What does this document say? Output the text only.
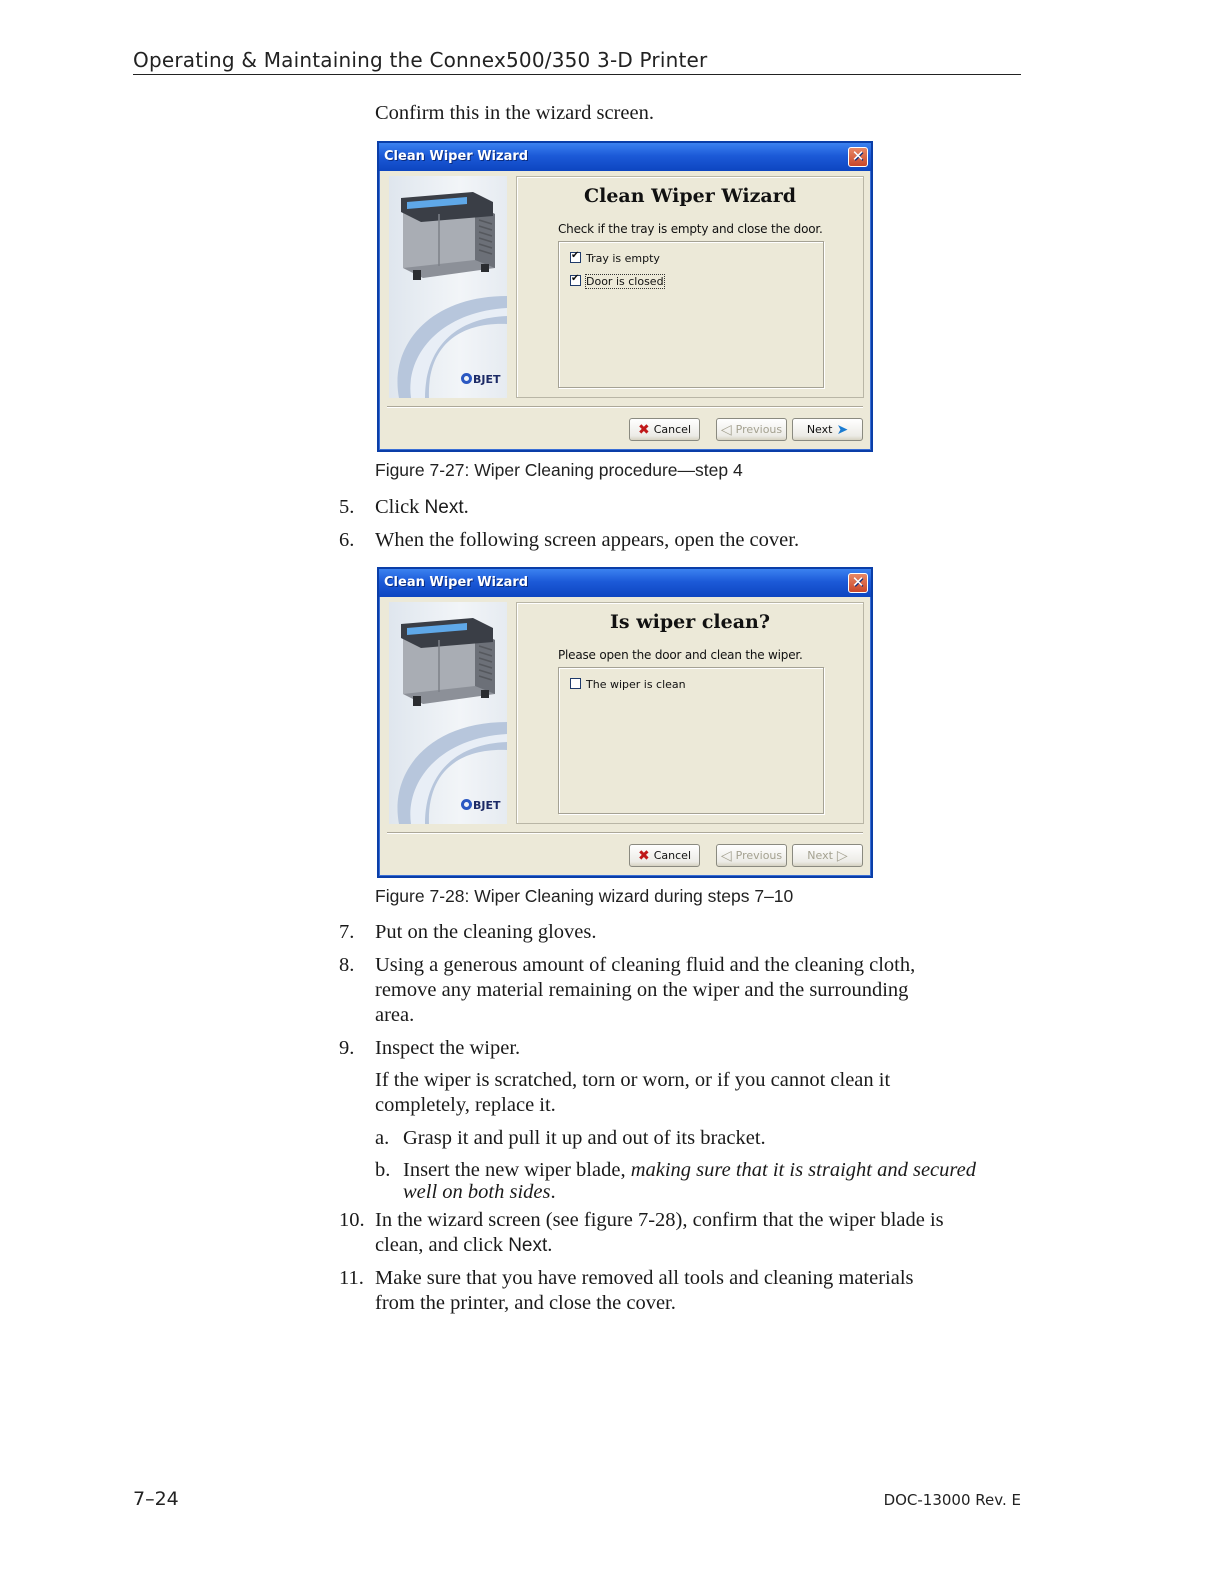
Operating & Maintaining the Connex500/350 3-D Printer
Confirm this in the wizard screen.
Clean Wiper Wizard	✕
BJET
Clean Wiper Wizard
Check if the tray is empty and close the door.
✔Tray is empty
✔Door is closed
✖ Cancel	◁ Previous	Next ➤
Figure 7-27: Wiper Cleaning procedure—step 4
5. Click Next.
6. When the following screen appears, open the cover.
Clean Wiper Wizard	✕
BJET
Is wiper clean?
Please open the door and clean the wiper.
The wiper is clean
✖ Cancel	◁ Previous	Next ▷
Figure 7-28: Wiper Cleaning wizard during steps 7–10
7. Put on the cleaning gloves.
8. Using a generous amount of cleaning fluid and the cleaning cloth,
remove any material remaining on the wiper and the surrounding
area.
9. Inspect the wiper.
If the wiper is scratched, torn or worn, or if you cannot clean it
completely, replace it.
a. Grasp it and pull it up and out of its bracket.
b. Insert the new wiper blade, making sure that it is straight and secured
well on both sides.
10. In the wizard screen (see figure 7-28), confirm that the wiper blade is
clean, and click Next.
11. Make sure that you have removed all tools and cleaning materials
from the printer, and close the cover.
7–24	DOC-13000 Rev. E
